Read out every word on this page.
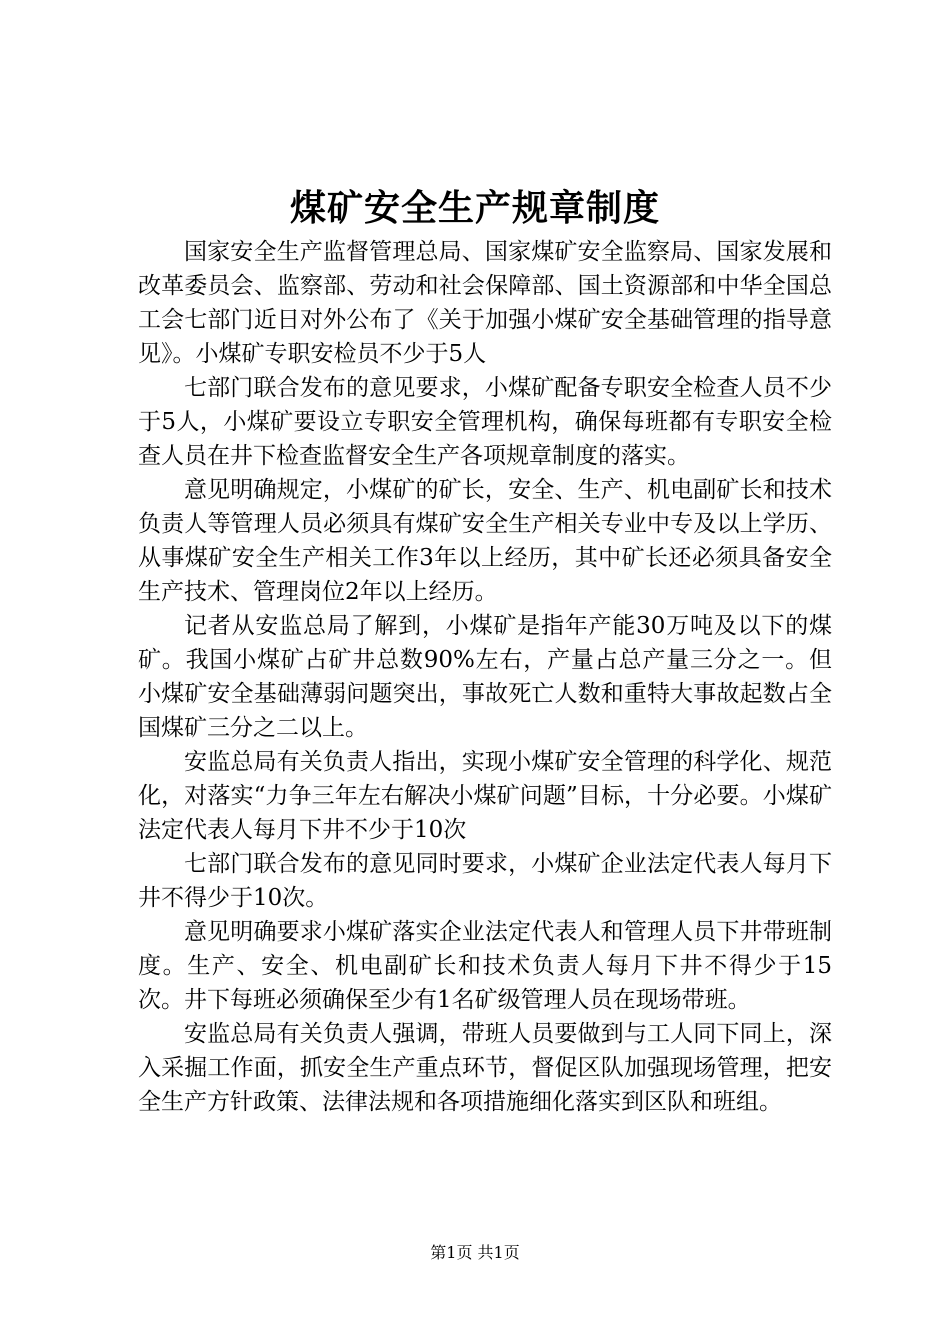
煤矿安全生产规章制度

国家安全生产监督管理总局、国家煤矿安全监察局、国家发展和改革委员会、监察部、劳动和社会保障部、国土资源部和中华全国总工会七部门近日对外公布了《关于加强小煤矿安全基础管理的指导意见》。小煤矿专职安检员不少于5人

七部门联合发布的意见要求，小煤矿配备专职安全检查人员不少于5人，小煤矿要设立专职安全管理机构，确保每班都有专职安全检查人员在井下检查监督安全生产各项规章制度的落实。

意见明确规定，小煤矿的矿长，安全、生产、机电副矿长和技术负责人等管理人员必须具有煤矿安全生产相关专业中专及以上学历、从事煤矿安全生产相关工作3年以上经历，其中矿长还必须具备安全生产技术、管理岗位2年以上经历。

记者从安监总局了解到，小煤矿是指年产能30万吨及以下的煤矿。我国小煤矿占矿井总数90%左右，产量占总产量三分之一。但小煤矿安全基础薄弱问题突出，事故死亡人数和重特大事故起数占全国煤矿三分之二以上。

安监总局有关负责人指出，实现小煤矿安全管理的科学化、规范化，对落实“力争三年左右解决小煤矿问题”目标，十分必要。小煤矿法定代表人每月下井不少于10次

七部门联合发布的意见同时要求，小煤矿企业法定代表人每月下井不得少于10次。

意见明确要求小煤矿落实企业法定代表人和管理人员下井带班制度。生产、安全、机电副矿长和技术负责人每月下井不得少于15次。井下每班必须确保至少有1名矿级管理人员在现场带班。

安监总局有关负责人强调，带班人员要做到与工人同下同上，深入采掘工作面，抓安全生产重点环节，督促区队加强现场管理，把安全生产方针政策、法律法规和各项措施细化落实到区队和班组。

第1页 共1页
